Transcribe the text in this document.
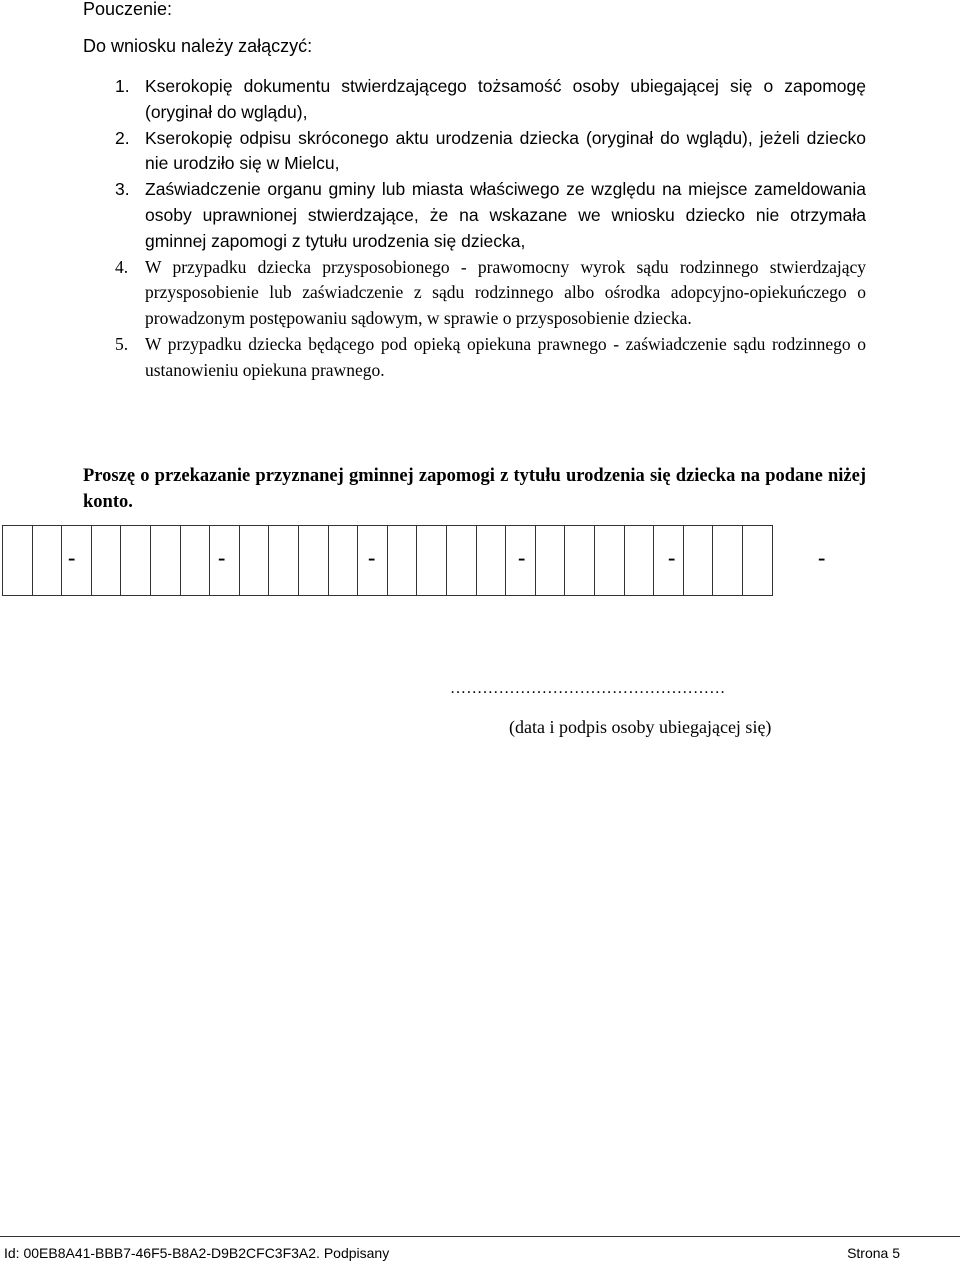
Pouczenie:
Do wniosku należy załączyć:
1. Kserokopię dokumentu stwierdzającego tożsamość osoby ubiegającej się o zapomogę (oryginał do wglądu),
2. Kserokopię odpisu skróconego aktu urodzenia dziecka (oryginał do wglądu), jeżeli dziecko nie urodziło się w Mielcu,
3. Zaświadczenie organu gminy lub miasta właściwego ze względu na miejsce zameldowania osoby uprawnionej stwierdzające, że na wskazane we wniosku dziecko nie otrzymała gminnej zapomogi z tytułu urodzenia się dziecka,
4. W przypadku dziecka przysposobionego - prawomocny wyrok sądu rodzinnego stwierdzający przysposobienie lub zaświadczenie z sądu rodzinnego albo ośrodka adopcyjno-opiekuńczego o prowadzonym postępowaniu sądowym, w sprawie o przysposobienie dziecka.
5. W przypadku dziecka będącego pod opieką opiekuna prawnego - zaświadczenie sądu rodzinnego o ustanowieniu opiekuna prawnego.
Proszę o przekazanie przyznanej gminnej zapomogi z tytułu urodzenia się dziecka na podane niżej konto.
-	-	-	-	-	-
……………………………………………
(data i podpis osoby ubiegającej się)
Id: 00EB8A41-BBB7-46F5-B8A2-D9B2CFC3F3A2. Podpisany	Strona 5
